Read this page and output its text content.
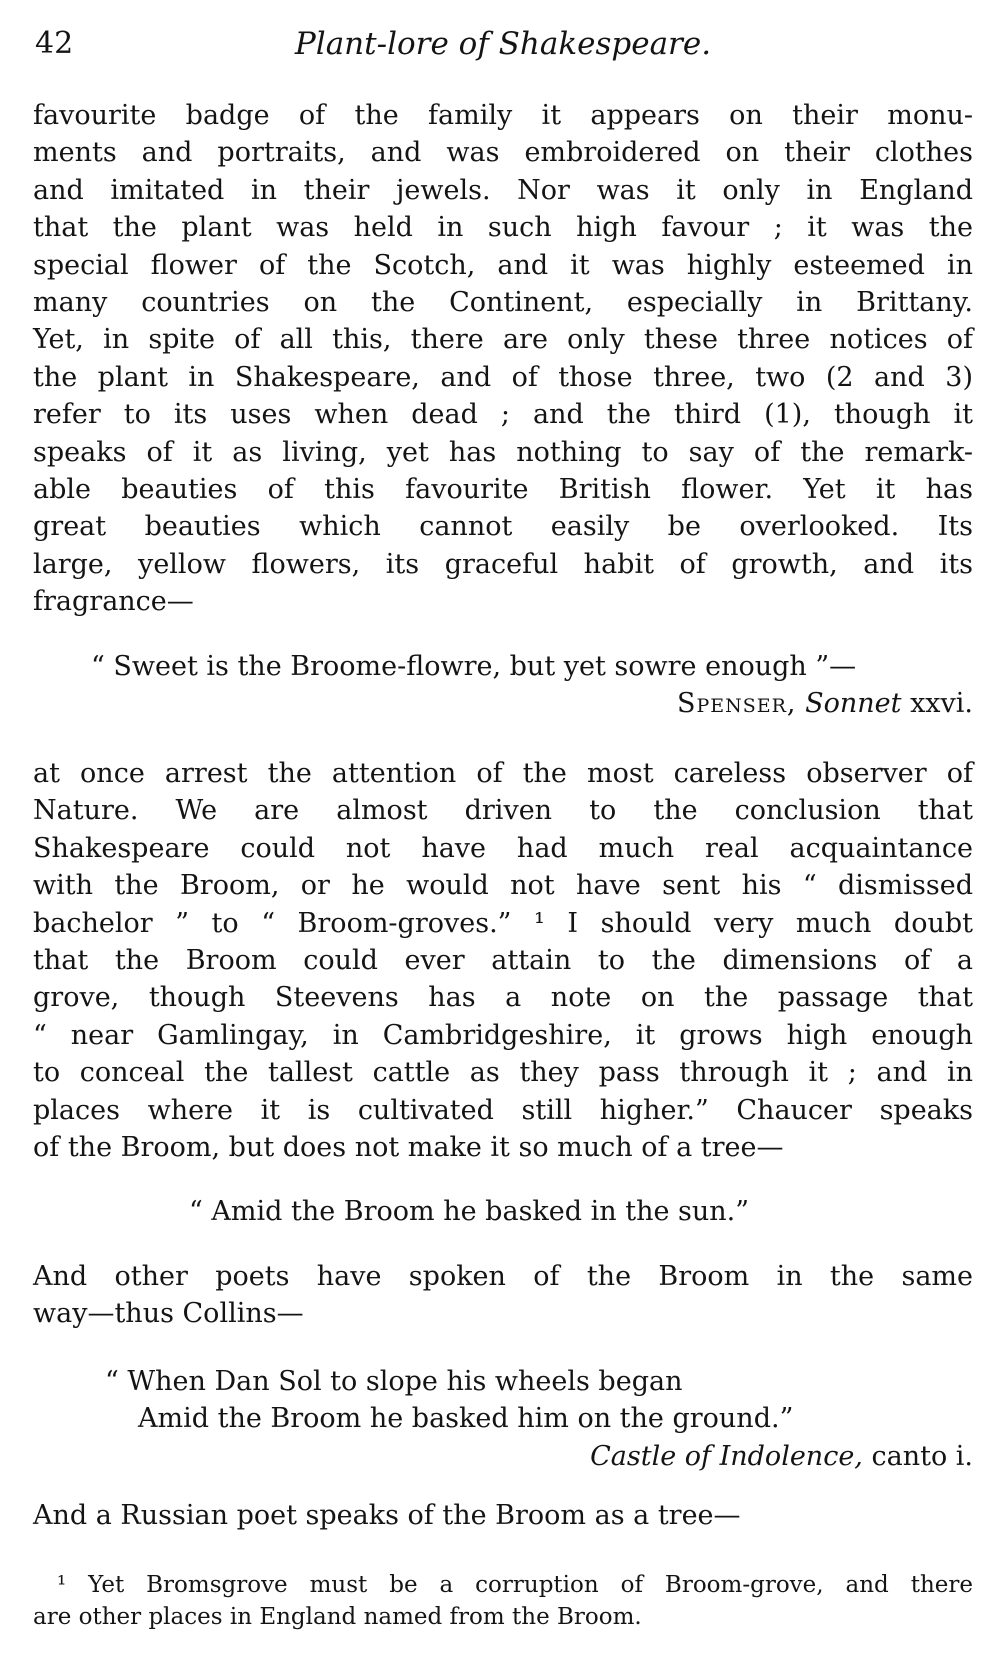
42	Plant-lore of Shakespeare.
favourite badge of the family it appears on their monu-
ments and portraits, and was embroidered on their clothes
and imitated in their jewels. Nor was it only in England
that the plant was held in such high favour ; it was the
special flower of the Scotch, and it was highly esteemed in
many countries on the Continent, especially in Brittany.
Yet, in spite of all this, there are only these three notices of
the plant in Shakespeare, and of those three, two (2 and 3)
refer to its uses when dead ; and the third (1), though it
speaks of it as living, yet has nothing to say of the remark-
able beauties of this favourite British flower. Yet it has
great beauties which cannot easily be overlooked. Its
large, yellow flowers, its graceful habit of growth, and its
fragrance—
“ Sweet is the Broome-flowre, but yet sowre enough ”—
Spenser, Sonnet xxvi.
at once arrest the attention of the most careless observer of
Nature. We are almost driven to the conclusion that
Shakespeare could not have had much real acquaintance
with the Broom, or he would not have sent his “ dismissed
bachelor ” to “ Broom-groves.” ¹ I should very much doubt
that the Broom could ever attain to the dimensions of a
grove, though Steevens has a note on the passage that
“ near Gamlingay, in Cambridgeshire, it grows high enough
to conceal the tallest cattle as they pass through it ; and in
places where it is cultivated still higher.” Chaucer speaks
of the Broom, but does not make it so much of a tree—
“ Amid the Broom he basked in the sun.”
And other poets have spoken of the Broom in the same
way—thus Collins—
“ When Dan Sol to slope his wheels began
Amid the Broom he basked him on the ground.”
Castle of Indolence, canto i.
And a Russian poet speaks of the Broom as a tree—
¹ Yet Bromsgrove must be a corruption of Broom-grove, and there
are other places in England named from the Broom.
